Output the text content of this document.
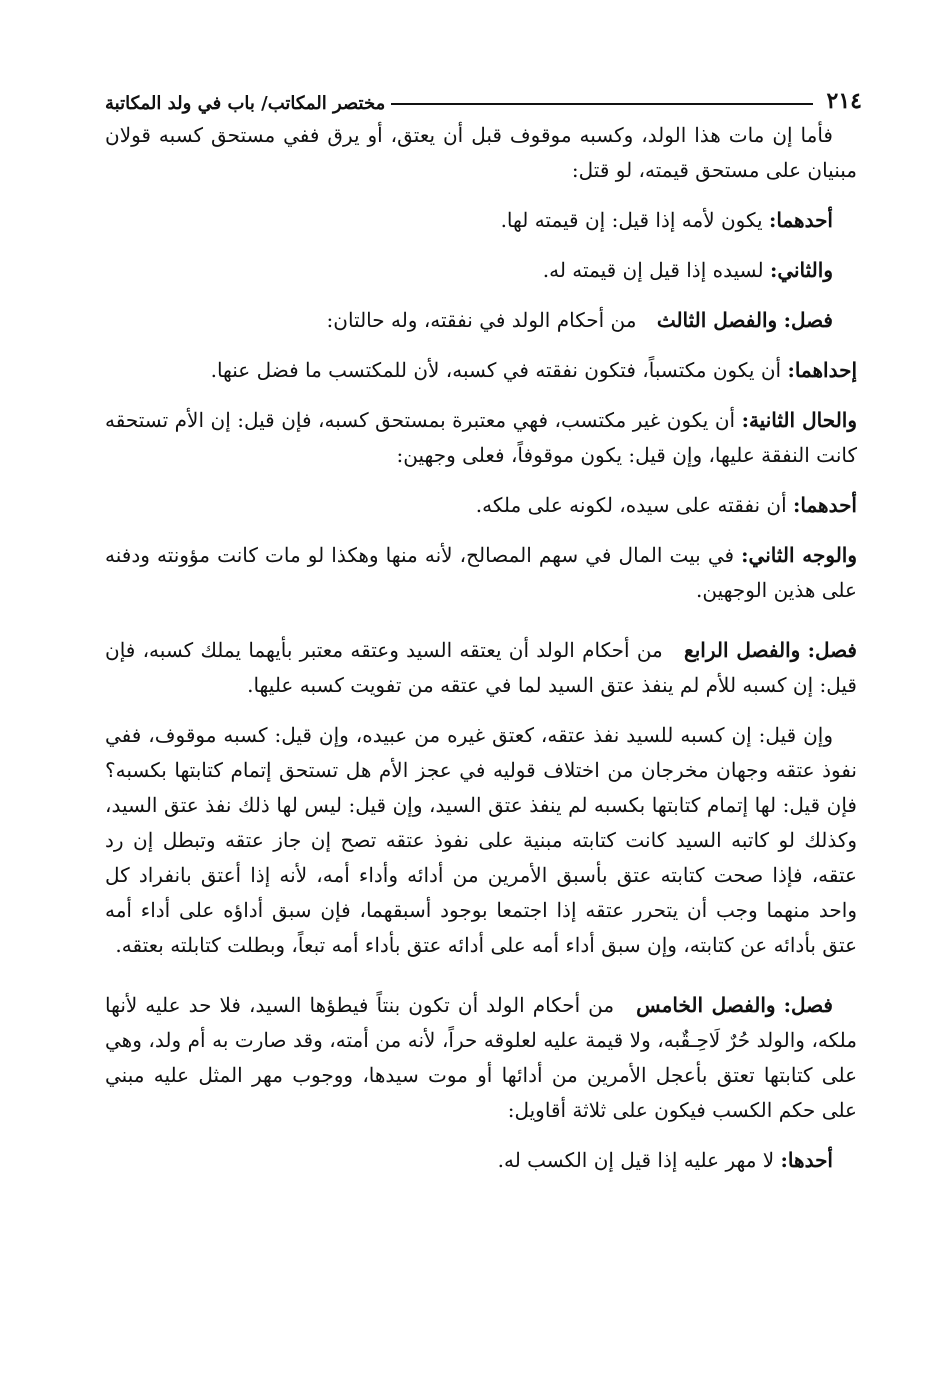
٢١٤
مختصر المكاتب/ باب في ولد المكاتبة

فأما إن مات هذا الولد، وكسبه موقوف قبل أن يعتق، أو يرق ففي مستحق كسبه قولان مبنيان على مستحق قيمته، لو قتل:

أحدهما: يكون لأمه إذا قيل: إن قيمته لها.

والثاني: لسيده إذا قيل إن قيمته له.

فصل: والفصل الثالث من أحكام الولد في نفقته، وله حالتان:

إحداهما: أن يكون مكتسباً، فتكون نفقته في كسبه، لأن للمكتسب ما فضل عنها.

والحال الثانية: أن يكون غير مكتسب، فهي معتبرة بمستحق كسبه، فإن قيل: إن الأم تستحقه كانت النفقة عليها، وإن قيل: يكون موقوفاً، فعلى وجهين:

أحدهما: أن نفقته على سيده، لكونه على ملكه.

والوجه الثاني: في بيت المال في سهم المصالح، لأنه منها وهكذا لو مات كانت مؤونته ودفنه على هذين الوجهين.

فصل: والفصل الرابع من أحكام الولد أن يعتقه السيد وعتقه معتبر بأيهما يملك كسبه، فإن قيل: إن كسبه للأم لم ينفذ عتق السيد لما في عتقه من تفويت كسبه عليها.

وإن قيل: إن كسبه للسيد نفذ عتقه، كعتق غيره من عبيده، وإن قيل: كسبه موقوف، ففي نفوذ عتقه وجهان مخرجان من اختلاف قوليه في عجز الأم هل تستحق إتمام كتابتها بكسبه؟ فإن قيل: لها إتمام كتابتها بكسبه لم ينفذ عتق السيد، وإن قيل: ليس لها ذلك نفذ عتق السيد، وكذلك لو كاتبه السيد كانت كتابته مبنية على نفوذ عتقه تصح إن جاز عتقه وتبطل إن رد عتقه، فإذا صحت كتابته عتق بأسبق الأمرين من أدائه وأداء أمه، لأنه إذا أعتق بانفراد كل واحد منهما وجب أن يتحرر عتقه إذا اجتمعا بوجود أسبقهما، فإن سبق أداؤه على أداء أمه عتق بأدائه عن كتابته، وإن سبق أداء أمه على أدائه عتق بأداء أمه تبعاً، وبطلت كتابلته بعتقه.

فصل: والفصل الخامس من أحكام الولد أن تكون بنتاً فيطؤها السيد، فلا حد عليه لأنها ملكه، والولد حُرٌ لَاحِـقٌبه، ولا قيمة عليه لعلوقه حراً، لأنه من أمته، وقد صارت به أم ولد، وهي على كتابتها تعتق بأعجل الأمرين من أدائها أو موت سيدها، ووجوب مهر المثل عليه مبني على حكم الكسب فيكون على ثلاثة أقاويل:

أحدها: لا مهر عليه إذا قيل إن الكسب له.
